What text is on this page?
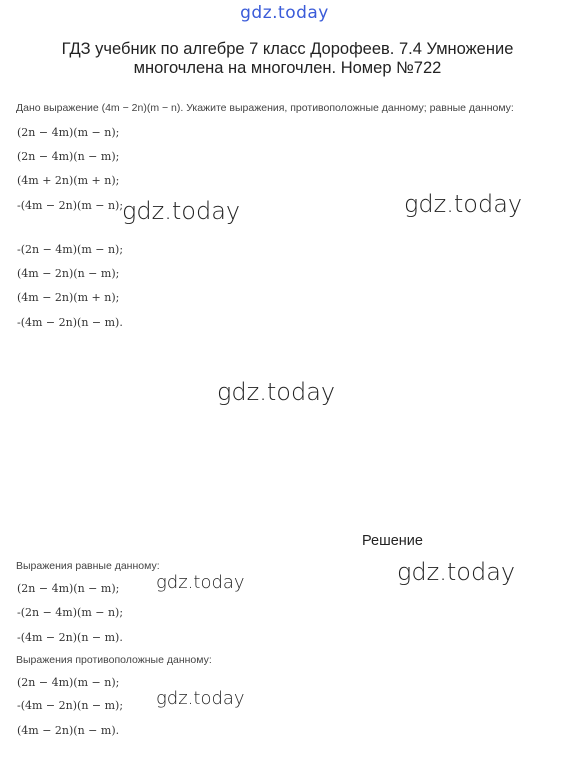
gdz.today
ГДЗ учебник по алгебре 7 класс Дорофеев. 7.4 Умножение многочлена на многочлен. Номер №722
Дано выражение (4m − 2n)(m − n). Укажите выражения, противоположные данному; равные данному:
(2n − 4m)(m − n);
(2n − 4m)(n − m);
(4m + 2n)(m + n);
-(4m − 2n)(m − n);
-(2n − 4m)(m − n);
(4m − 2n)(n − m);
(4m − 2n)(m + n);
-(4m − 2n)(n − m).
Решение
Выражения равные данному:
(2n − 4m)(n − m);
-(2n − 4m)(m − n);
-(4m − 2n)(n − m).
Выражения противоположные данному:
(2n − 4m)(m − n);
-(4m − 2n)(n − m);
(4m − 2n)(n − m).
gdz.today	gdz.today
gdz.today
gdz.today
gdz.today
gdz.today
